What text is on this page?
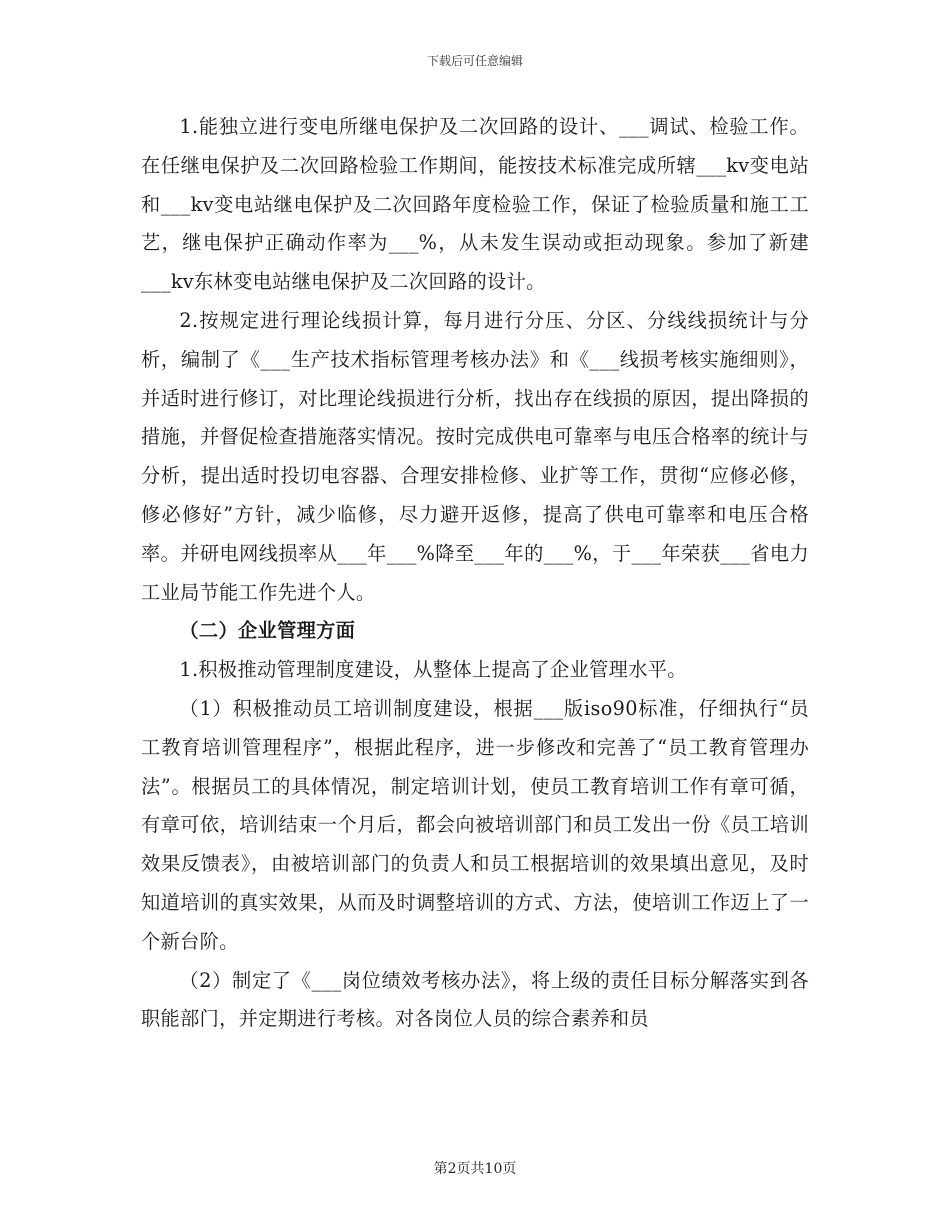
下载后可任意编辑

1.能独立进行变电所继电保护及二次回路的设计、___调试、检验工作。在任继电保护及二次回路检验工作期间，能按技术标准完成所辖___kv变电站和___kv变电站继电保护及二次回路年度检验工作，保证了检验质量和施工工艺，继电保护正确动作率为___%，从未发生误动或拒动现象。参加了新建___kv东林变电站继电保护及二次回路的设计。

2.按规定进行理论线损计算，每月进行分压、分区、分线线损统计与分析，编制了《___生产技术指标管理考核办法》和《___线损考核实施细则》，并适时进行修订，对比理论线损进行分析，找出存在线损的原因，提出降损的措施，并督促检查措施落实情况。按时完成供电可靠率与电压合格率的统计与分析，提出适时投切电容器、合理安排检修、业扩等工作，贯彻“应修必修，修必修好”方针，减少临修，尽力避开返修，提高了供电可靠率和电压合格率。并研电网线损率从___年___%降至___年的___%，于___年荣获___省电力工业局节能工作先进个人。

（二）企业管理方面

1.积极推动管理制度建设，从整体上提高了企业管理水平。

（1）积极推动员工培训制度建设，根据___版iso90标准，仔细执行“员工教育培训管理程序”，根据此程序，进一步修改和完善了“员工教育管理办法”。根据员工的具体情况，制定培训计划，使员工教育培训工作有章可循，有章可依，培训结束一个月后，都会向被培训部门和员工发出一份《员工培训效果反馈表》，由被培训部门的负责人和员工根据培训的效果填出意见，及时知道培训的真实效果，从而及时调整培训的方式、方法，使培训工作迈上了一个新台阶。

（2）制定了《___岗位绩效考核办法》，将上级的责任目标分解落实到各职能部门，并定期进行考核。对各岗位人员的综合素养和员

第2页共10页
